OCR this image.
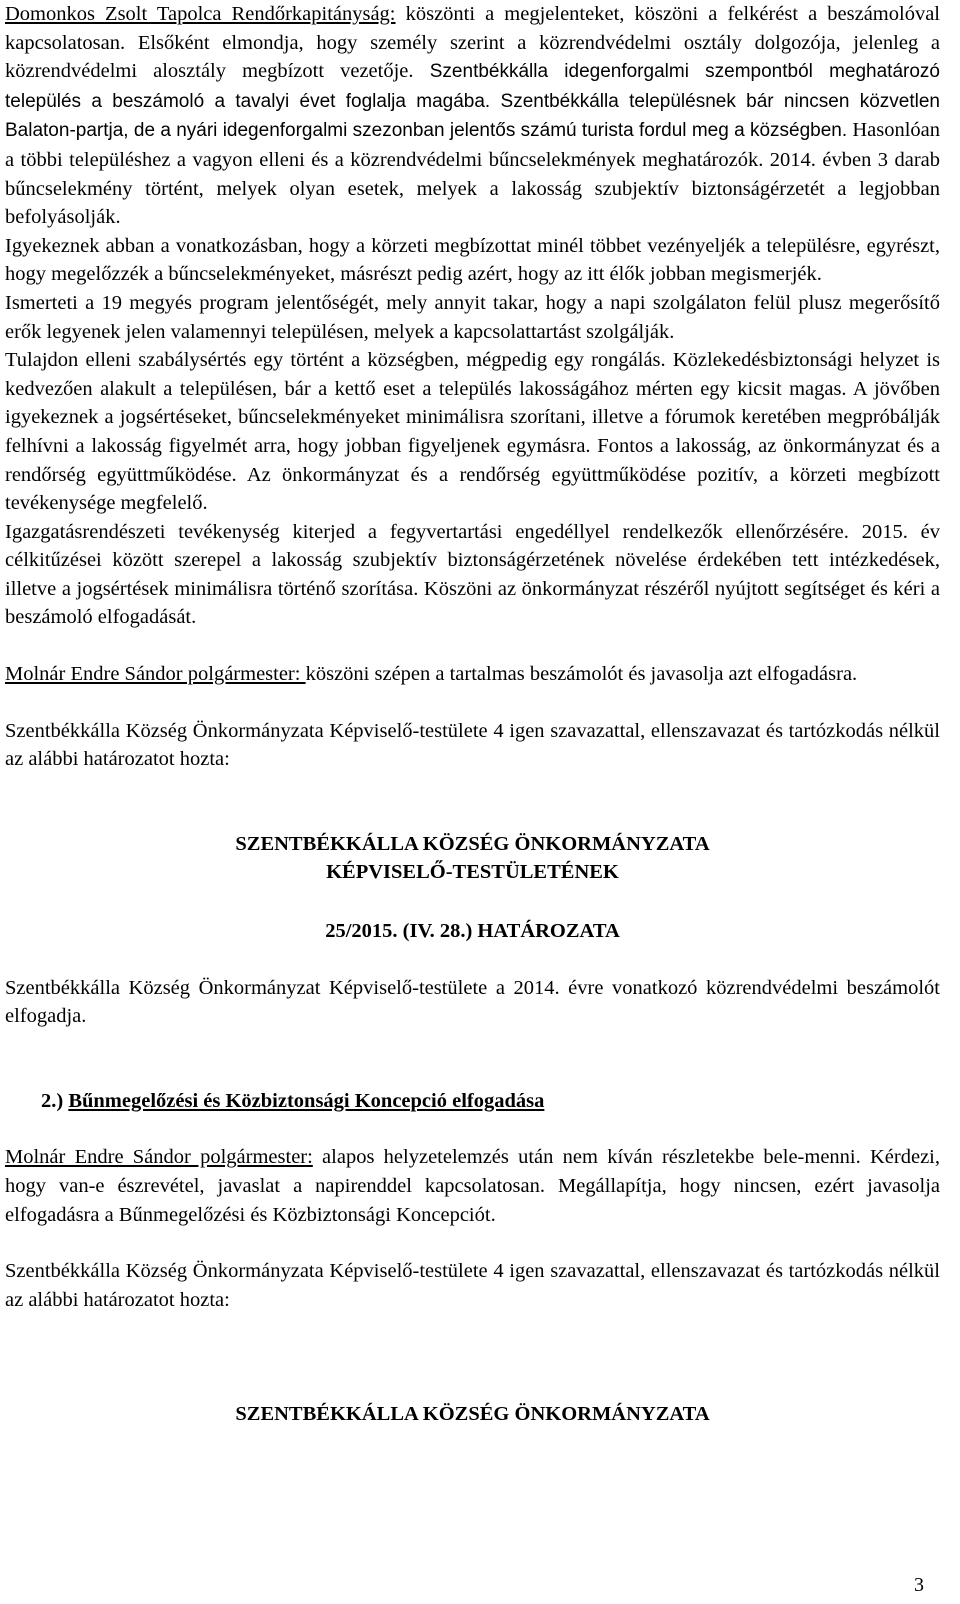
Domonkos Zsolt Tapolca Rendőrkapitányság: köszönti a megjelenteket, köszöni a felkérést a beszámolóval kapcsolatosan. Elsőként elmondja, hogy személy szerint a közrendvédelmi osztály dolgozója, jelenleg a közrendvédelmi alosztály megbízott vezetője. Szentbékkálla idegenforgalmi szempontból meghatározó település a beszámoló a tavalyi évet foglalja magába. Szentbékkálla településnek bár nincsen közvetlen Balaton-partja, de a nyári idegenforgalmi szezonban jelentős számú turista fordul meg a községben. Hasonlóan a többi településhez a vagyon elleni és a közrendvédelmi bűncselekmények meghatározók. 2014. évben 3 darab bűncselekmény történt, melyek olyan esetek, melyek a lakosság szubjektív biztonságérzetét a legjobban befolyásolják.

Igyekeznek abban a vonatkozásban, hogy a körzeti megbízottat minél többet vezényeljék a településre, egyrészt, hogy megelőzzék a bűncselekményeket, másrészt pedig azért, hogy az itt élők jobban megismerjék.

Ismerteti a 19 megyés program jelentőségét, mely annyit takar, hogy a napi szolgálaton felül plusz megerősítő erők legyenek jelen valamennyi településen, melyek a kapcsolattartást szolgálják.

Tulajdon elleni szabálysértés egy történt a községben, mégpedig egy rongálás. Közlekedésbiztonsági helyzet is kedvezően alakult a településen, bár a kettő eset a település lakosságához mérten egy kicsit magas. A jövőben igyekeznek a jogsértéseket, bűncselekményeket minimálisra szorítani, illetve a fórumok keretében megpróbálják felhívni a lakosság figyelmét arra, hogy jobban figyeljenek egymásra. Fontos a lakosság, az önkormányzat és a rendőrség együttműködése. Az önkormányzat és a rendőrség együttműködése pozitív, a körzeti megbízott tevékenysége megfelelő.

Igazgatásrendészeti tevékenység kiterjed a fegyvertartási engedéllyel rendelkezők ellenőrzésére. 2015. év célkitűzései között szerepel a lakosság szubjektív biztonságérzetének növelése érdekében tett intézkedések, illetve a jogsértések minimálisra történő szorítása. Köszöni az önkormányzat részéről nyújtott segítséget és kéri a beszámoló elfogadását.

Molnár Endre Sándor polgármester: köszöni szépen a tartalmas beszámolót és javasolja azt elfogadásra.

Szentbékkálla Község Önkormányzata Képviselő-testülete 4 igen szavazattal, ellenszavazat és tartózkodás nélkül az alábbi határozatot hozta:

SZENTBÉKKÁLLA KÖZSÉG ÖNKORMÁNYZATA

KÉPVISELŐ-TESTÜLETÉNEK

25/2015. (IV. 28.) HATÁROZATA

Szentbékkálla Község Önkormányzat Képviselő-testülete a 2014. évre vonatkozó közrendvédelmi beszámolót elfogadja.

2.) Bűnmegelőzési és Közbiztonsági Koncepció elfogadása

Molnár Endre Sándor polgármester: alapos helyzetelemzés után nem kíván részletekbe bele-menni. Kérdezi, hogy van-e észrevétel, javaslat a napirenddel kapcsolatosan. Megállapítja, hogy nincsen, ezért javasolja elfogadásra a Bűnmegelőzési és Közbiztonsági Koncepciót.

Szentbékkálla Község Önkormányzata Képviselő-testülete 4 igen szavazattal, ellenszavazat és tartózkodás nélkül az alábbi határozatot hozta:

SZENTBÉKKÁLLA KÖZSÉG ÖNKORMÁNYZATA

3
